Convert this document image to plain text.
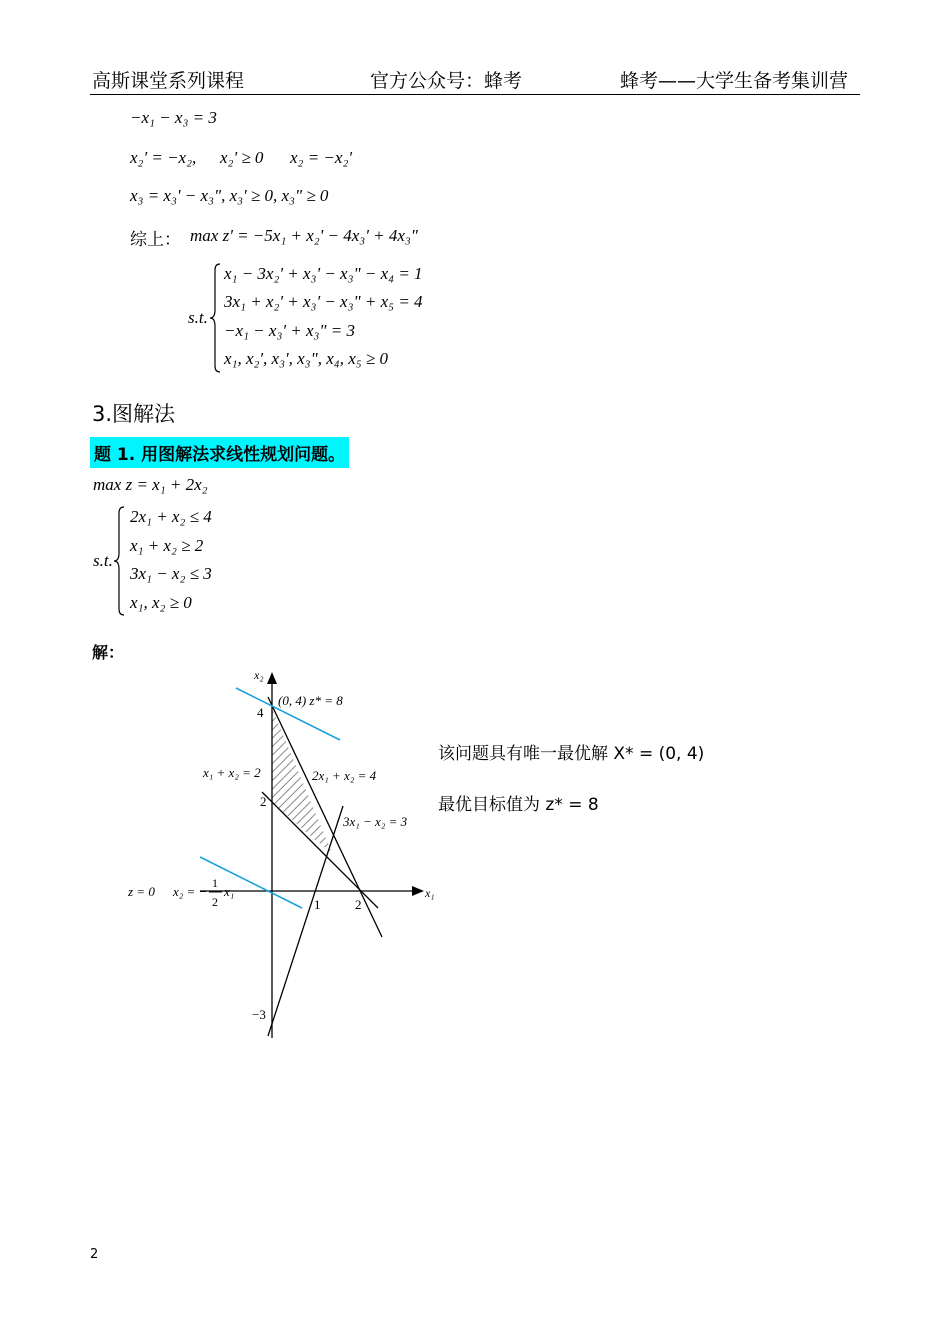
高斯课堂系列课程	官方公众号：蜂考	蜂考——大学生备考集训营
−x₁ − x₃ = 3
x₂' = −x₂, x₂' ≥ 0 x₂ = −x₂'
x₃ = x₃' − x₃", x₃' ≥ 0, x₃" ≥ 0
综上： max z' = −5x₁ + x₂' − 4x₃' + 4x₃"
s.t.
x₁ − 3x₂' + x₃' − x₃" − x₄ = 1
3x₁ + x₂' + x₃' − x₃" + x₅ = 4
−x₁ − x₃' + x₃" = 3
x₁, x₂', x₃', x₃", x₄, x₅ ≥ 0
3.图解法
题 1. 用图解法求线性规划问题。
max z = x₁ + 2x₂
s.t.
2x₁ + x₂ ≤ 4
x₁ + x₂ ≥ 2
3x₁ − x₂ ≤ 3
x₁, x₂ ≥ 0
解：
x₂
x₁
(0, 4) z* = 8
4
2
−3
1	2
x₁ + x₂ = 2	2x₁ + x₂ = 4
3x₁ − x₂ = 3
z = 0 x₂ = −
1
2
x₁
该问题具有唯一最优解 X* = (0, 4)
最优目标值为 z* = 8
2
